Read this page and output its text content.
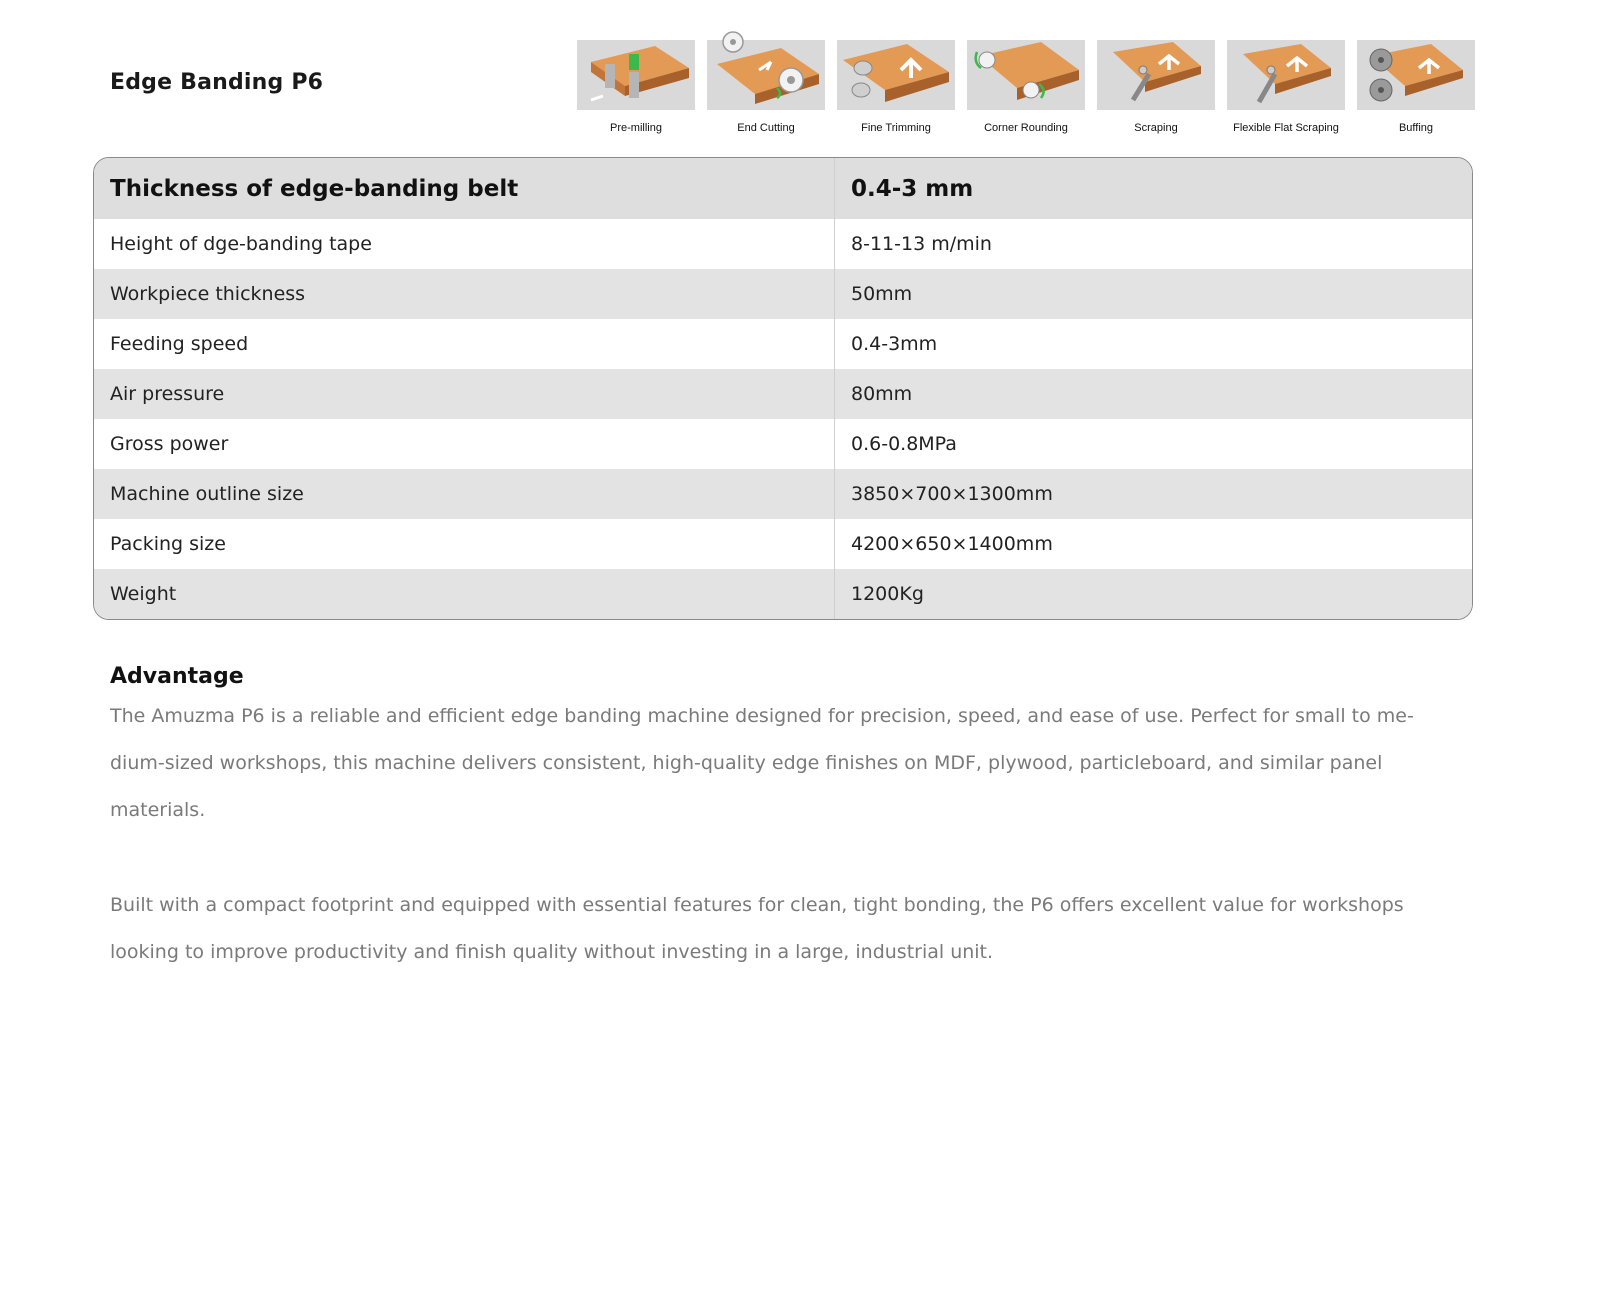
Edge Banding P6
Pre-milling	End Cutting	Fine Trimming	Corner Rounding	Scraping	Flexible Flat Scraping	Buffing
Thickness of edge-banding belt	0.4-3 mm
Height of dge-banding tape	8-11-13 m/min
Workpiece thickness	50mm
Feeding speed	0.4-3mm
Air pressure	80mm
Gross power	0.6-0.8MPa
Machine outline size	3850×700×1300mm
Packing size	4200×650×1400mm
Weight	1200Kg
Advantage

The Amuzma P6 is a reliable and efficient edge banding machine designed for precision, speed, and ease of use. Perfect for small to me-dium-sized workshops, this machine delivers consistent, high-quality edge finishes on MDF, plywood, particleboard, and similar panel materials.

Built with a compact footprint and equipped with essential features for clean, tight bonding, the P6 offers excellent value for workshops looking to improve productivity and finish quality without investing in a large, industrial unit.
